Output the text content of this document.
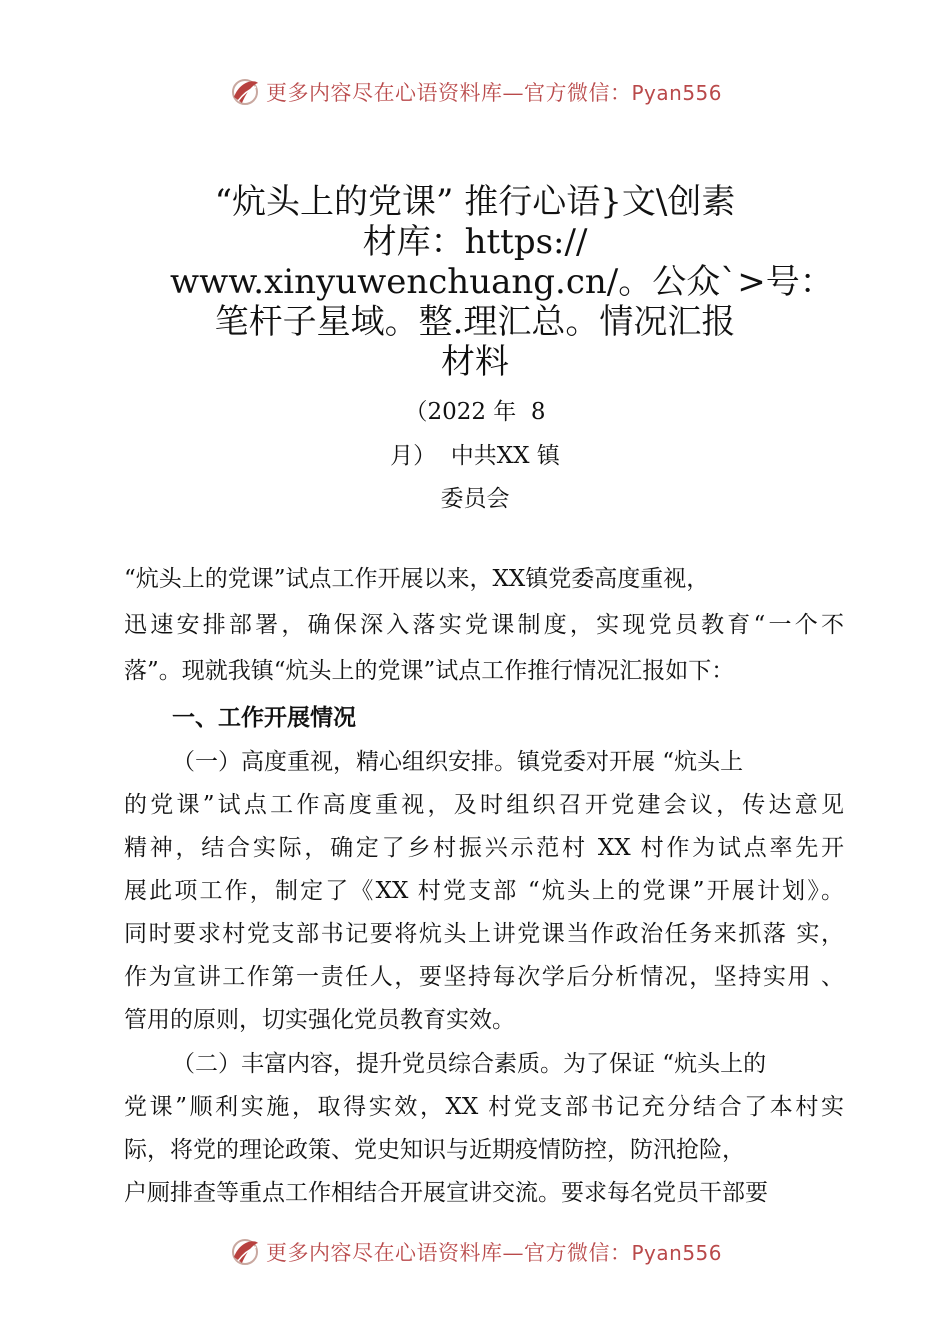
更多内容尽在心语资料库—官方微信：Pyan556
“炕头上的党课” 推行心语}文\创素
材库：https://
www.xinyuwenchuang.cn/。公众`>号：
笔杆子星域。整.理汇总。情况汇报
材料
（2022 年  8
月）  中共XX 镇
委员会
“炕头上的党课”试点工作开展以来，XX镇党委高度重视，
迅速安排部署，确保深入落实党课制度，实现党员教育“一个不
落”。现就我镇“炕头上的党课”试点工作推行情况汇报如下：
一、工作开展情况
（一）高度重视，精心组织安排。镇党委对开展 “炕头上
的党课”试点工作高度重视，及时组织召开党建会议，传达意见
精神，结合实际，确定了乡村振兴示范村 XX 村作为试点率先开
展此项工作，制定了《XX 村党支部 “炕头上的党课”开展计划》。
同时要求村党支部书记要将炕头上讲党课当作政治任务来抓落 实，
作为宣讲工作第一责任人，要坚持每次学后分析情况，坚持实用 、
管用的原则，切实强化党员教育实效。
（二）丰富内容，提升党员综合素质。为了保证 “炕头上的
党课”顺利实施，取得实效，XX 村党支部书记充分结合了本村实
际，将党的理论政策、党史知识与近期疫情防控，防汛抢险，
户厕排查等重点工作相结合开展宣讲交流。要求每名党员干部要
更多内容尽在心语资料库—官方微信：Pyan556
